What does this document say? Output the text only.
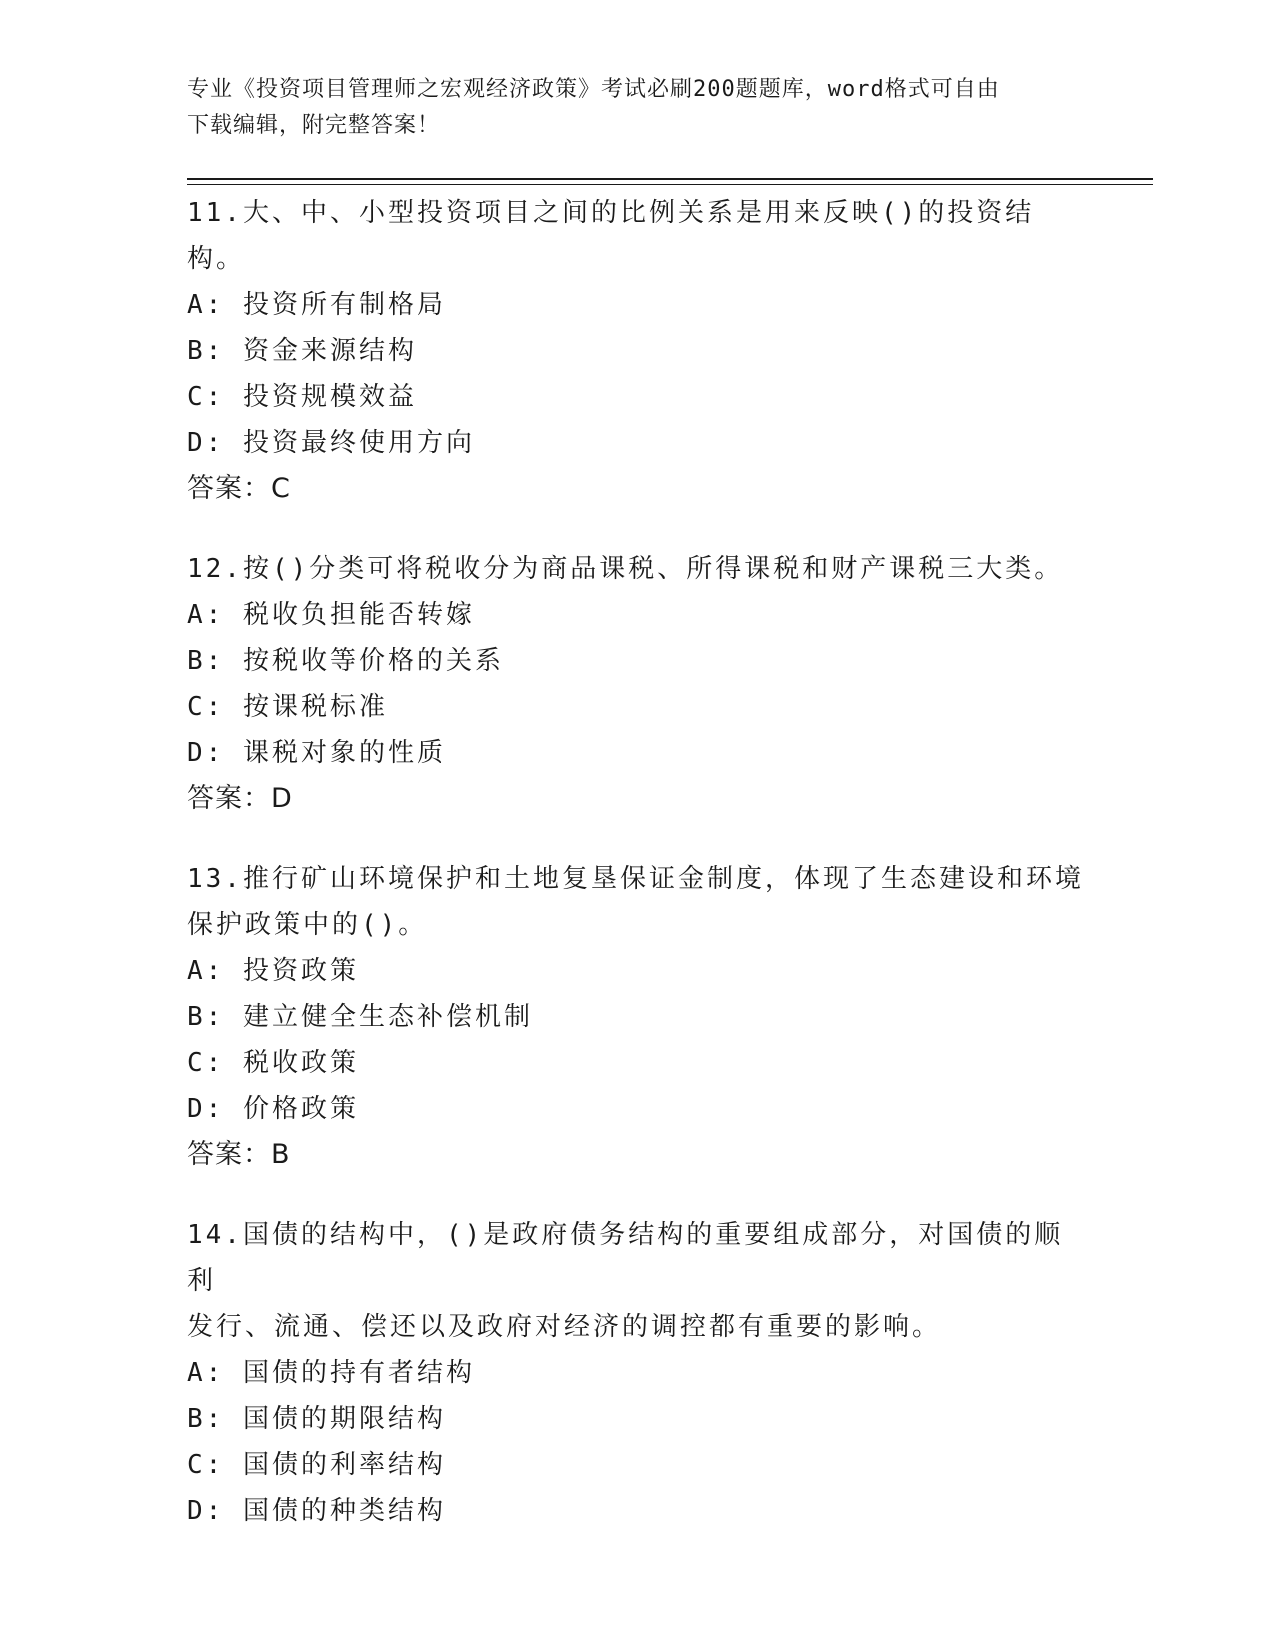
专业《投资项目管理师之宏观经济政策》考试必刷200题题库，word格式可自由
下载编辑，附完整答案！
11.大、中、小型投资项目之间的比例关系是用来反映()的投资结构。
A: 投资所有制格局
B: 资金来源结构
C: 投资规模效益
D: 投资最终使用方向
答案：C
12.按()分类可将税收分为商品课税、所得课税和财产课税三大类。
A: 税收负担能否转嫁
B: 按税收等价格的关系
C: 按课税标准
D: 课税对象的性质
答案：D
13.推行矿山环境保护和土地复垦保证金制度，体现了生态建设和环境
保护政策中的()。
A: 投资政策
B: 建立健全生态补偿机制
C: 税收政策
D: 价格政策
答案：B
14.国债的结构中，()是政府债务结构的重要组成部分，对国债的顺利
发行、流通、偿还以及政府对经济的调控都有重要的影响。
A: 国债的持有者结构
B: 国债的期限结构
C: 国债的利率结构
D: 国债的种类结构
